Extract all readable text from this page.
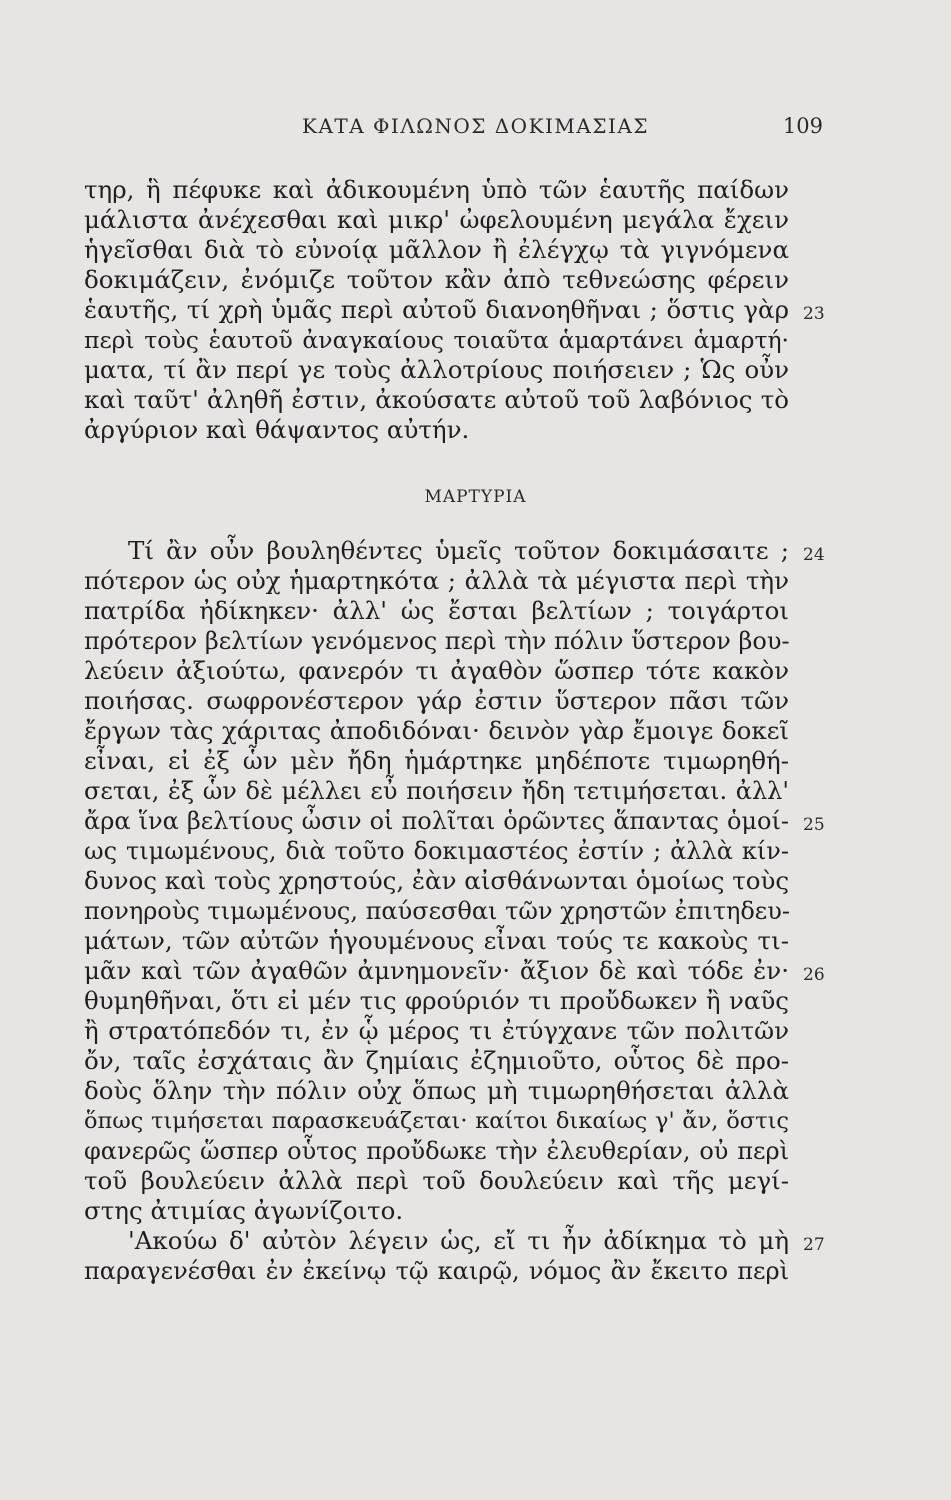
ΚΑΤΑ ΦΙΛΩΝΟΣ ΔΟΚΙΜΑΣΙΑΣ	109
τηρ, ἣ πέφυκε καὶ ἀδικουμένη ὑπὸ τῶν ἑαυτῆς παίδων
μάλιστα ἀνέχεσθαι καὶ μικρ' ὠφελουμένη μεγάλα ἔχειν
ἡγεῖσθαι διὰ τὸ εὐνοίᾳ μᾶλλον ἢ ἐλέγχῳ τὰ γιγνόμενα
δοκιμάζειν, ἐνόμιζε τοῦτον κἂν ἀπὸ τεθνεώσης φέρειν
ἑαυτῆς, τί χρὴ ὑμᾶς περὶ αὐτοῦ διανοηθῆναι ; ὅστις γὰρ
περὶ τοὺς ἑαυτοῦ ἀναγκαίους τοιαῦτα ἁμαρτάνει ἁμαρτή·
ματα, τί ἂν περί γε τοὺς ἀλλοτρίους ποιήσειεν ; Ὡς οὖν
καὶ ταῦτ' ἀληθῆ ἐστιν, ἀκούσατε αὐτοῦ τοῦ λαβόνιος τὸ
ἀργύριον καὶ θάψαντος αὐτήν.
ΜΑΡΤΥΡΙΑ
Τί ἂν οὖν βουληθέντες ὑμεῖς τοῦτον δοκιμάσαιτε ;
πότερον ὡς οὐχ ἡμαρτηκότα ; ἀλλὰ τὰ μέγιστα περὶ τὴν
πατρίδα ἠδίκηκεν· ἀλλ' ὡς ἔσται βελτίων ; τοιγάρτοι
πρότερον βελτίων γενόμενος περὶ τὴν πόλιν ὕστερον βου-
λεύειν ἀξιούτω, φανερόν τι ἀγαθὸν ὥσπερ τότε κακὸν
ποιήσας. σωφρονέστερον γάρ ἐστιν ὕστερον πᾶσι τῶν
ἔργων τὰς χάριτας ἀποδιδόναι· δεινὸν γὰρ ἔμοιγε δοκεῖ
εἶναι, εἰ ἐξ ὧν μὲν ἤδη ἡμάρτηκε μηδέποτε τιμωρηθή-
σεται, ἐξ ὧν δὲ μέλλει εὖ ποιήσειν ἤδη τετιμήσεται. ἀλλ'
ἄρα ἵνα βελτίους ὦσιν οἱ πολῖται ὁρῶντες ἅπαντας ὁμοί-
ως τιμωμένους, διὰ τοῦτο δοκιμαστέος ἐστίν ; ἀλλὰ κίν-
δυνος καὶ τοὺς χρηστούς, ἐὰν αἰσθάνωνται ὁμοίως τοὺς
πονηροὺς τιμωμένους, παύσεσθαι τῶν χρηστῶν ἐπιτηδευ-
μάτων, τῶν αὐτῶν ἡγουμένους εἶναι τούς τε κακοὺς τι-
μᾶν καὶ τῶν ἀγαθῶν ἀμνημονεῖν· ἄξιον δὲ καὶ τόδε ἐν·
θυμηθῆναι, ὅτι εἰ μέν τις φρούριόν τι προὔδωκεν ἢ ναῦς
ἢ στρατόπεδόν τι, ἐν ᾧ μέρος τι ἐτύγχανε τῶν πολιτῶν
ὄν, ταῖς ἐσχάταις ἂν ζημίαις ἐζημιοῦτο, οὗτος δὲ προ-
δοὺς ὅλην τὴν πόλιν οὐχ ὅπως μὴ τιμωρηθήσεται ἀλλὰ
ὅπως τιμήσεται παρασκευάζεται· καίτοι δικαίως γ' ἄν, ὅστις
φανερῶς ὥσπερ οὗτος προὔδωκε τὴν ἐλευθερίαν, οὐ περὶ
τοῦ βουλεύειν ἀλλὰ περὶ τοῦ δουλεύειν καὶ τῆς μεγί-
στης ἀτιμίας ἀγωνίζοιτο.
'Ακούω δ' αὐτὸν λέγειν ὡς, εἴ τι ἦν ἀδίκημα τὸ μὴ
παραγενέσθαι ἐν ἐκείνῳ τῷ καιρῷ, νόμος ἂν ἔκειτο περὶ
23
24
25
26
27
